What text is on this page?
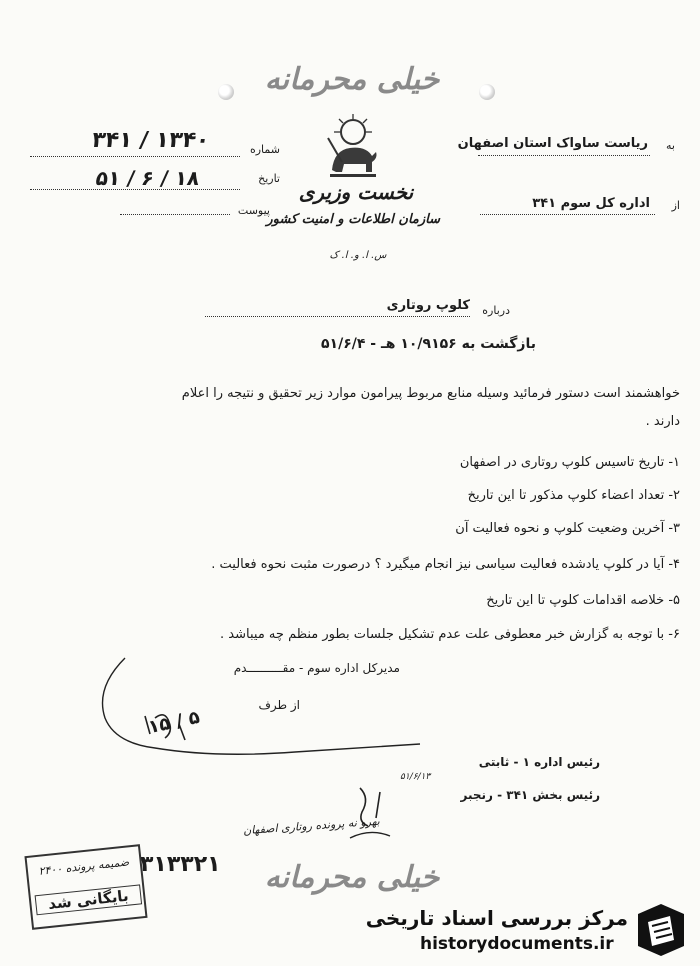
خیلی محرمانه
نخست وزیری
سازمان اطلاعات و امنیت کشور
س. ا. و. ا. ک
شماره
۳۴۱ / ۱۳۴۰
تاریخ
۵۱ / ۶ / ۱۸
پیوست
به
ریاست ساواک استان اصفهان
از
اداره کل سوم ۳۴۱
درباره
کلوپ روتاری
بازگشت به ۱۰/۹۱۵۶ هـ - ۵۱/۶/۴
خواهشمند است دستور فرمائید وسیله منابع مربوط پیرامون موارد زیر تحقیق و نتیجه را اعلام
دارند .
۱- تاریخ تاسیس کلوپ روتاری در اصفهان
۲- تعداد اعضاء کلوپ مذکور تا این تاریخ
۳- آخرین وضعیت کلوپ و نحوه فعالیت آن
۴- آیا در کلوپ یادشده فعالیت سیاسی نیز انجام میگیرد ؟ درصورت مثبت نحوه فعالیت .
۵- خلاصه اقدامات کلوپ تا این تاریخ
۶- با توجه به گزارش خبر معطوفی علت عدم تشکیل جلسات بطور منظم چه میباشد .
مدیرکل اداره سوم - مقــــــــــدم
از طرف
۱۵ / ۵
رئیس اداره ۱ - ثابتی
۵۱/۶/۱۳
رئیس بخش ۳۴۱ - رنجبر
بهرو نه پرونده روتاری اصفهان
۳۱۳۳۲۱
ضمیمه پرونده ۲۴۰۰
بایگانی شد
خیلی محرمانه
مرکز بررسی اسناد تاریخی
historydocuments.ir
